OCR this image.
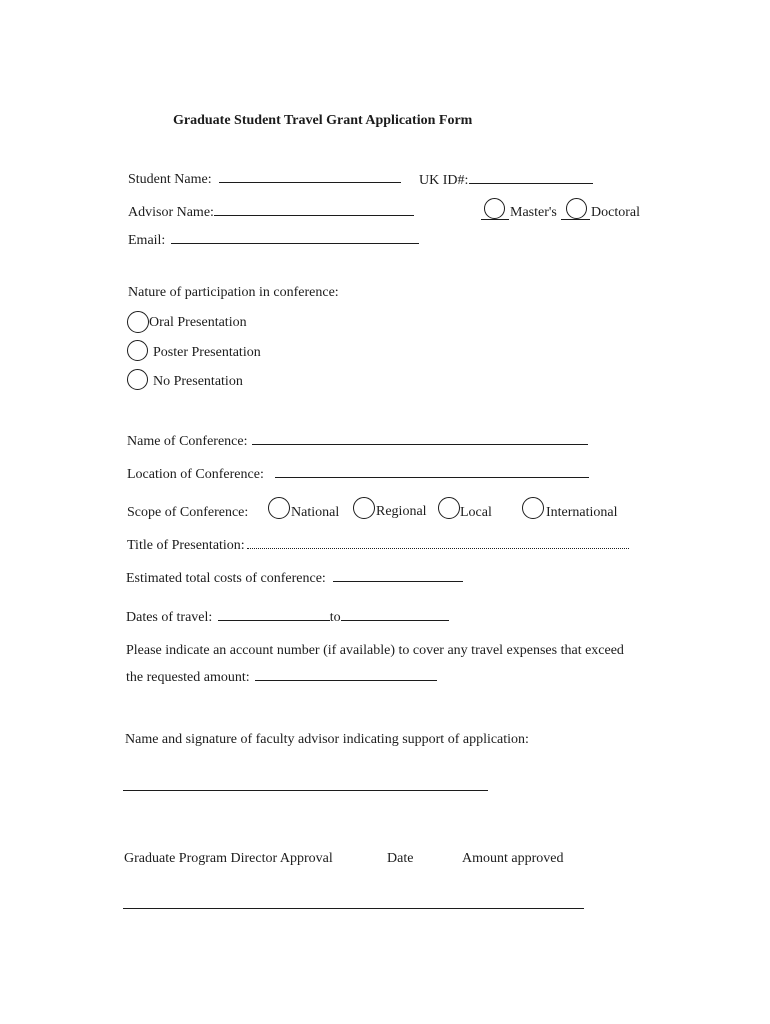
Graduate Student Travel Grant Application Form
Student Name:	UK ID#:
Advisor Name:	Master's Doctoral
Email:
Nature of participation in conference:
Oral Presentation
Poster Presentation
No Presentation
Name of Conference:
Location of Conference:
Scope of Conference:	National	Regional Local	International
Title of Presentation:
Estimated total costs of conference:
Dates of travel:	to
Please indicate an account number (if available) to cover any travel expenses that exceed
the requested amount:
Name and signature of faculty advisor indicating support of application:
Graduate Program Director Approval	Date	Amount approved
